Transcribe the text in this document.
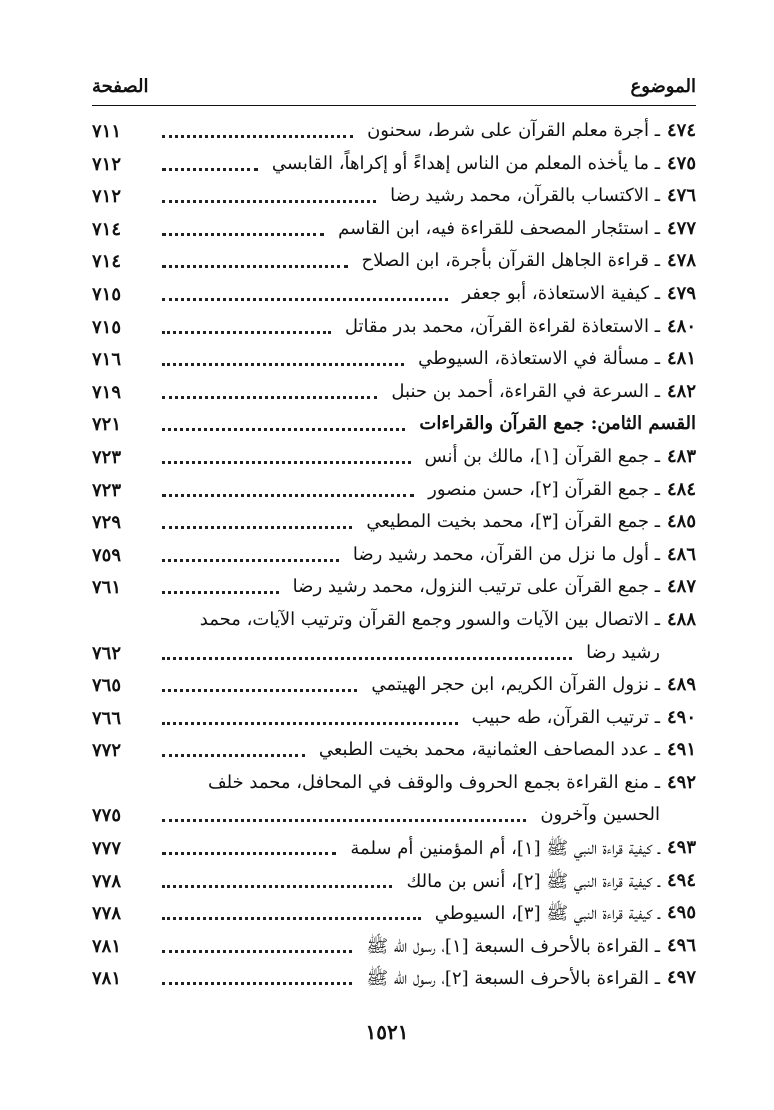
الموضوع
الصفحة
٤٧٤
ـ أجرة معلم القرآن على شرط، سحنون
٧١١
٤٧٥
ـ ما يأخذه المعلم من الناس إهداءً أو إكراهاً، القابسي
٧١٢
٤٧٦
ـ الاكتساب بالقرآن، محمد رشيد رضا
٧١٢
٤٧٧
ـ استئجار المصحف للقراءة فيه، ابن القاسم
٧١٤
٤٧٨
ـ قراءة الجاهل القرآن بأجرة، ابن الصلاح
٧١٤
٤٧٩
ـ كيفية الاستعاذة، أبو جعفر
٧١٥
٤٨٠
ـ الاستعاذة لقراءة القرآن، محمد بدر مقاتل
٧١٥
٤٨١
ـ مسألة في الاستعاذة، السيوطي
٧١٦
٤٨٢
ـ السرعة في القراءة، أحمد بن حنبل
٧١٩
القسم الثامن: جمع القرآن والقراءات
٧٢١
٤٨٣
ـ جمع القرآن [١]، مالك بن أنس
٧٢٣
٤٨٤
ـ جمع القرآن [٢]، حسن منصور
٧٢٣
٤٨٥
ـ جمع القرآن [٣]، محمد بخيت المطيعي
٧٢٩
٤٨٦
ـ أول ما نزل من القرآن، محمد رشيد رضا
٧٥٩
٤٨٧
ـ جمع القرآن على ترتيب النزول، محمد رشيد رضا
٧٦١
٤٨٨
ـ الاتصال بين الآيات والسور وجمع القرآن وترتيب الآيات، محمد
رشيد رضا
٧٦٢
٤٨٩
ـ نزول القرآن الكريم، ابن حجر الهيتمي
٧٦٥
٤٩٠
ـ ترتيب القرآن، طه حبيب
٧٦٦
٤٩١
ـ عدد المصاحف العثمانية، محمد بخيت الطبعي
٧٧٢
٤٩٢
ـ منع القراءة بجمع الحروف والوقف في المحافل، محمد خلف
الحسين وآخرون
٧٧٥
٤٩٣
ـ كيفية قراءة النبي ﷺ [١]، أم المؤمنين أم سلمة
٧٧٧
٤٩٤
ـ كيفية قراءة النبي ﷺ [٢]، أنس بن مالك
٧٧٨
٤٩٥
ـ كيفية قراءة النبي ﷺ [٣]، السيوطي
٧٧٨
٤٩٦
ـ القراءة بالأحرف السبعة [١]، رسول الله ﷺ
٧٨١
٤٩٧
ـ القراءة بالأحرف السبعة [٢]، رسول الله ﷺ
٧٨١
١٥٢١
